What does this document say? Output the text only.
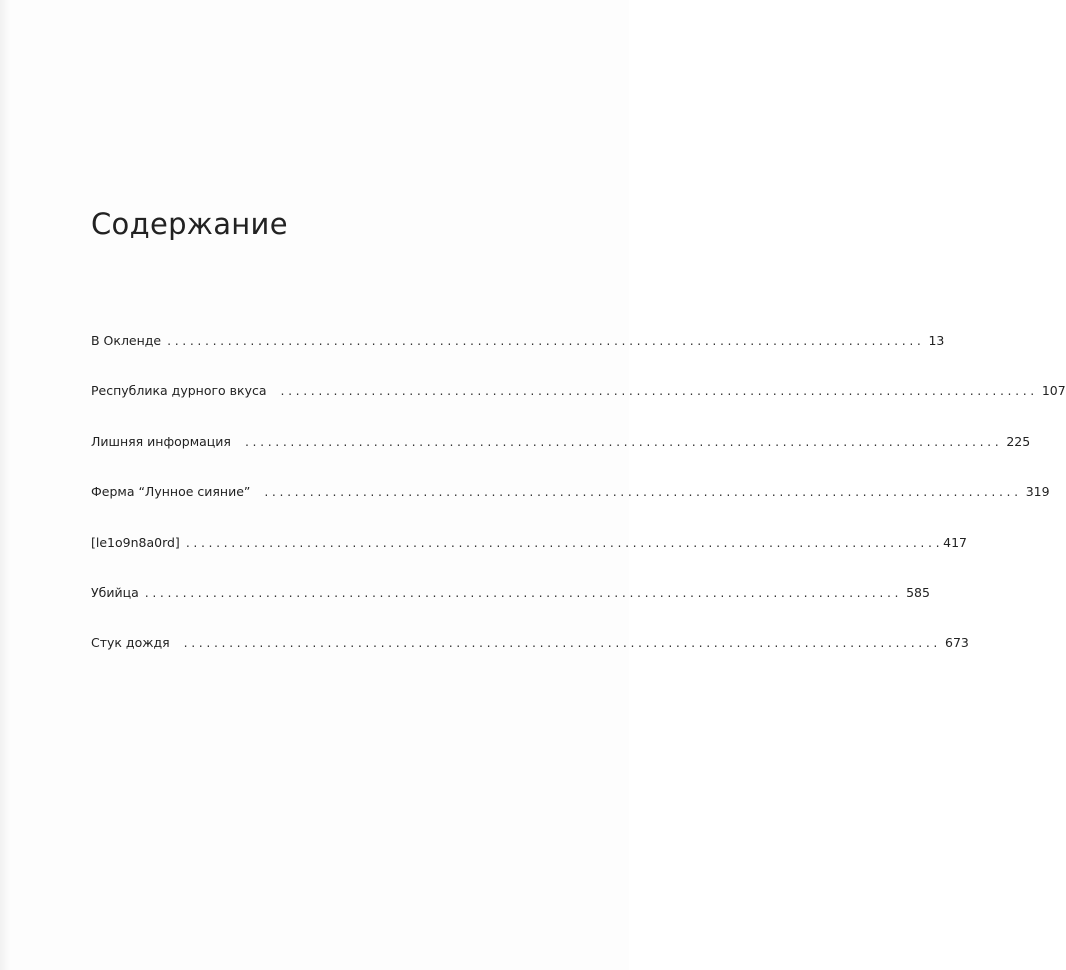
Содержание
В Окленде .................................................................................................... 13
Республика дурного вкуса	.................................................................................................... 107
Лишняя информация	.................................................................................................... 225
Ферма “Лунное сияние”	.................................................................................................... 319
[le1o9n8a0rd] .................................................................................................... 417
Убийца .................................................................................................... 585
Стук дождя	.................................................................................................... 673
